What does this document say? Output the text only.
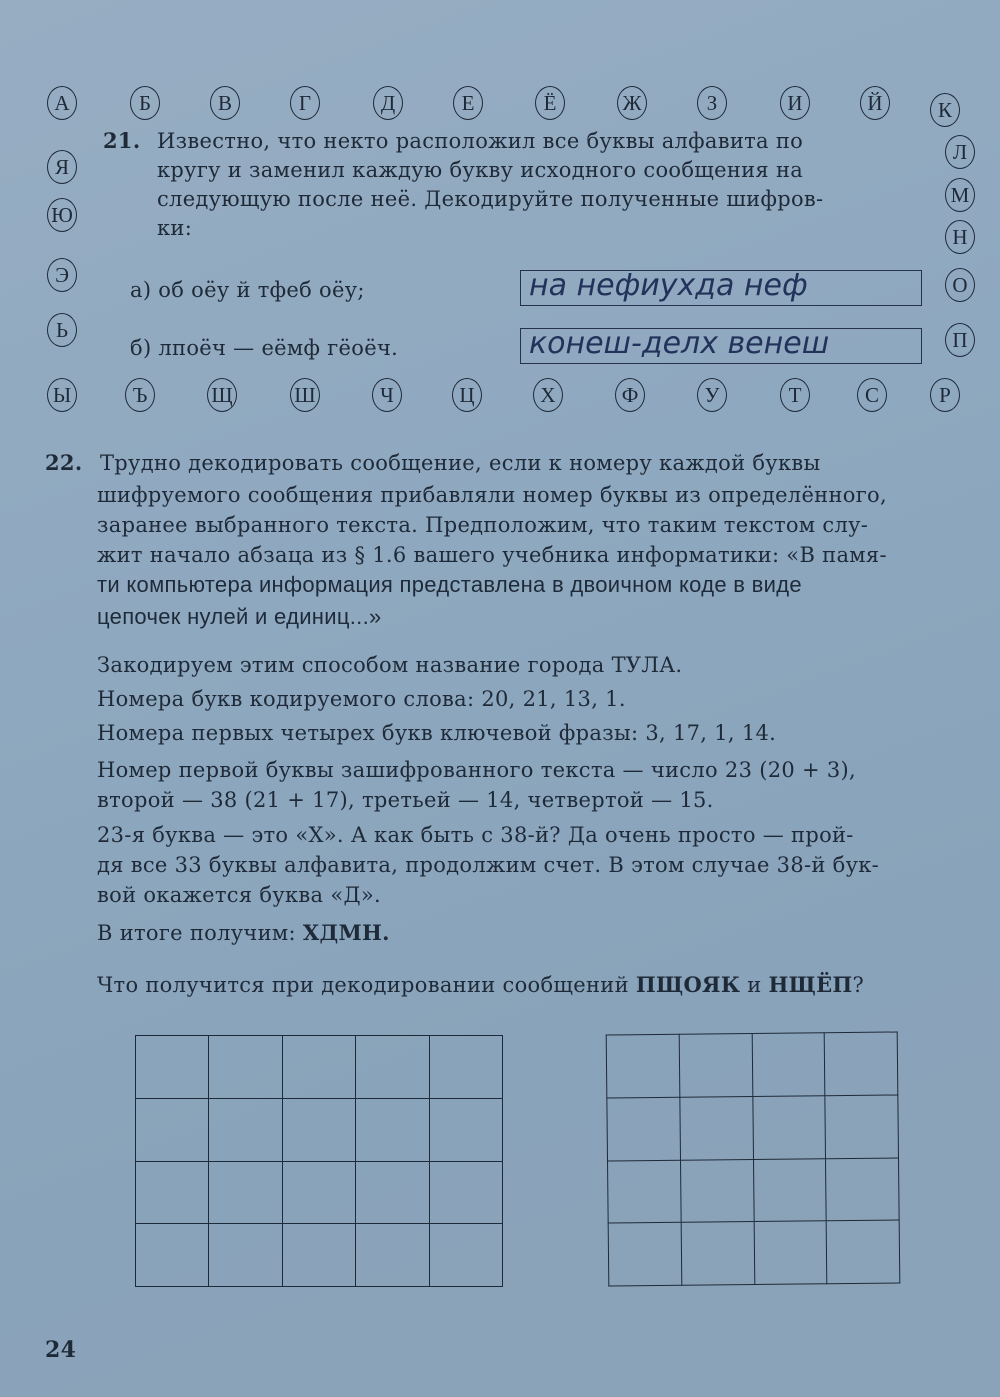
А	Б	В	Г	Д	Е	Ё	Ж	З	И	Й	К
Л
М
Н
О
П
Р
С
Т
У
Ф
Х
Ц
Ч
Ш
Щ
Ъ
Ы
Ь
Э
Ю
Я
21. Известно, что некто расположил все буквы алфавита по
кругу и заменил каждую букву исходного сообщения на
следующую после неё. Декодируйте полученные шифров-
ки:
а) об оёу й тфеб оёу;	на нефиухда неф
б) лпоёч — еёмф гёоёч.	конеш-делх венеш
22. Трудно декодировать сообщение, если к номеру каждой буквы
шифруемого сообщения прибавляли номер буквы из определённого,
заранее выбранного текста. Предположим, что таким текстом слу-
жит начало абзаца из § 1.6 вашего учебника информатики: «В памя-
ти компьютера информация представлена в двоичном коде в виде
цепочек нулей и единиц...»
Закодируем этим способом название города ТУЛА.
Номера букв кодируемого слова: 20, 21, 13, 1.
Номера первых четырех букв ключевой фразы: 3, 17, 1, 14.
Номер первой буквы зашифрованного текста — число 23 (20 + 3),
второй — 38 (21 + 17), третьей — 14, четвертой — 15.
23-я буква — это «Х». А как быть с 38-й? Да очень просто — прой-
дя все 33 буквы алфавита, продолжим счет. В этом случае 38-й бук-
вой окажется буква «Д».
В итоге получим: ХДМН.
Что получится при декодировании сообщений ПЩОЯК и НЩЁП?

24
